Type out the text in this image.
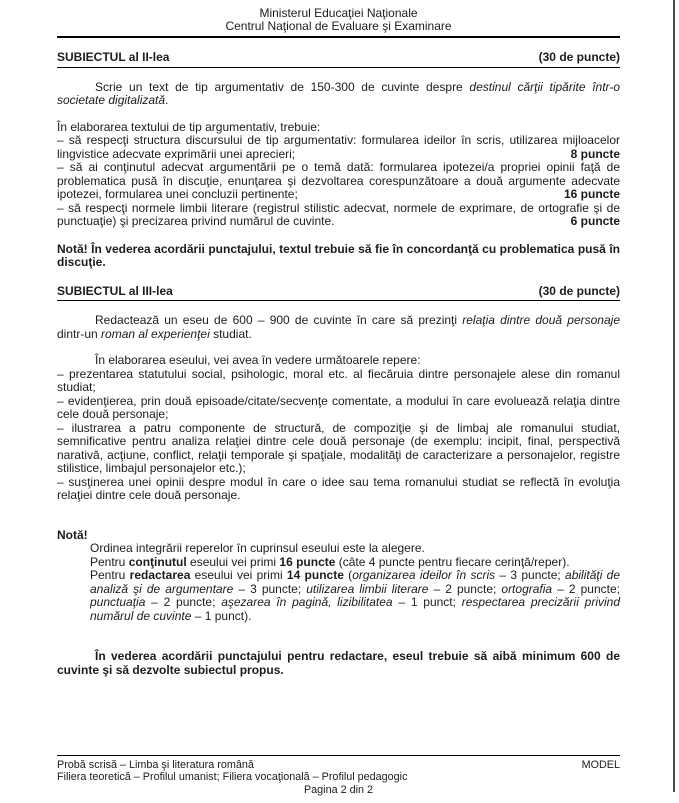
Ministerul Educaţiei Naţionale
Centrul Naţional de Evaluare şi Examinare
SUBIECTUL al II-lea	(30 de puncte)

Scrie un text de tip argumentativ de 150-300 de cuvinte despre destinul cărţii tipărite într-o societate digitalizată.

În elaborarea textului de tip argumentativ, trebuie:

– să respecţi structura discursului de tip argumentativ: formularea ideilor în scris, utilizarea mijloacelor lingvistice adecvate exprimării unei aprecieri;	8 puncte

– să ai conţinutul adecvat argumentării pe o temă dată: formularea ipotezei/a propriei opinii faţă de problematica pusă în discuţie, enunţarea şi dezvoltarea corespunzătoare a două argumente adecvate ipotezei, formularea unei concluzii pertinente;	16 puncte

– să respecţi normele limbii literare (registrul stilistic adecvat, normele de exprimare, de ortografie şi de punctuaţie) şi precizarea privind numărul de cuvinte.	6 puncte

Notă! În vederea acordării punctajului, textul trebuie să fie în concordanţă cu problematica pusă în discuţie.

SUBIECTUL al III-lea	(30 de puncte)

Redactează un eseu de 600 – 900 de cuvinte în care să prezinţi relaţia dintre două personaje dintr-un roman al experienţei studiat.

În elaborarea eseului, vei avea în vedere următoarele repere:

– prezentarea statutului social, psihologic, moral etc. al fiecăruia dintre personajele alese din romanul studiat;

– evidenţierea, prin două episoade/citate/secvenţe comentate, a modului în care evoluează relaţia dintre cele două personaje;

– ilustrarea a patru componente de structură, de compoziţie şi de limbaj ale romanului studiat, semnificative pentru analiza relaţiei dintre cele două personaje (de exemplu: incipit, final, perspectivă narativă, acţiune, conflict, relaţii temporale şi spaţiale, modalităţi de caracterizare a personajelor, registre stilistice, limbajul personajelor etc.);

– susţinerea unei opinii despre modul în care o idee sau tema romanului studiat se reflectă în evoluţia relaţiei dintre cele două personaje.

Notă!

Ordinea integrării reperelor în cuprinsul eseului este la alegere.

Pentru conţinutul eseului vei primi 16 puncte (câte 4 puncte pentru fiecare cerinţă/reper).

Pentru redactarea eseului vei primi 14 puncte (organizarea ideilor în scris – 3 puncte; abilităţi de analiză şi de argumentare – 3 puncte; utilizarea limbii literare – 2 puncte; ortografia – 2 puncte; punctuaţia – 2 puncte; aşezarea în pagină, lizibilitatea – 1 punct; respectarea precizării privind numărul de cuvinte – 1 punct).

În vederea acordării punctajului pentru redactare, eseul trebuie să aibă minimum 600 de cuvinte şi să dezvolte subiectul propus.

Probă scrisă – Limba şi literatura română	MODEL
Filiera teoretică – Profilul umanist; Filiera vocaţională – Profilul pedagogic
Pagina 2 din 2
